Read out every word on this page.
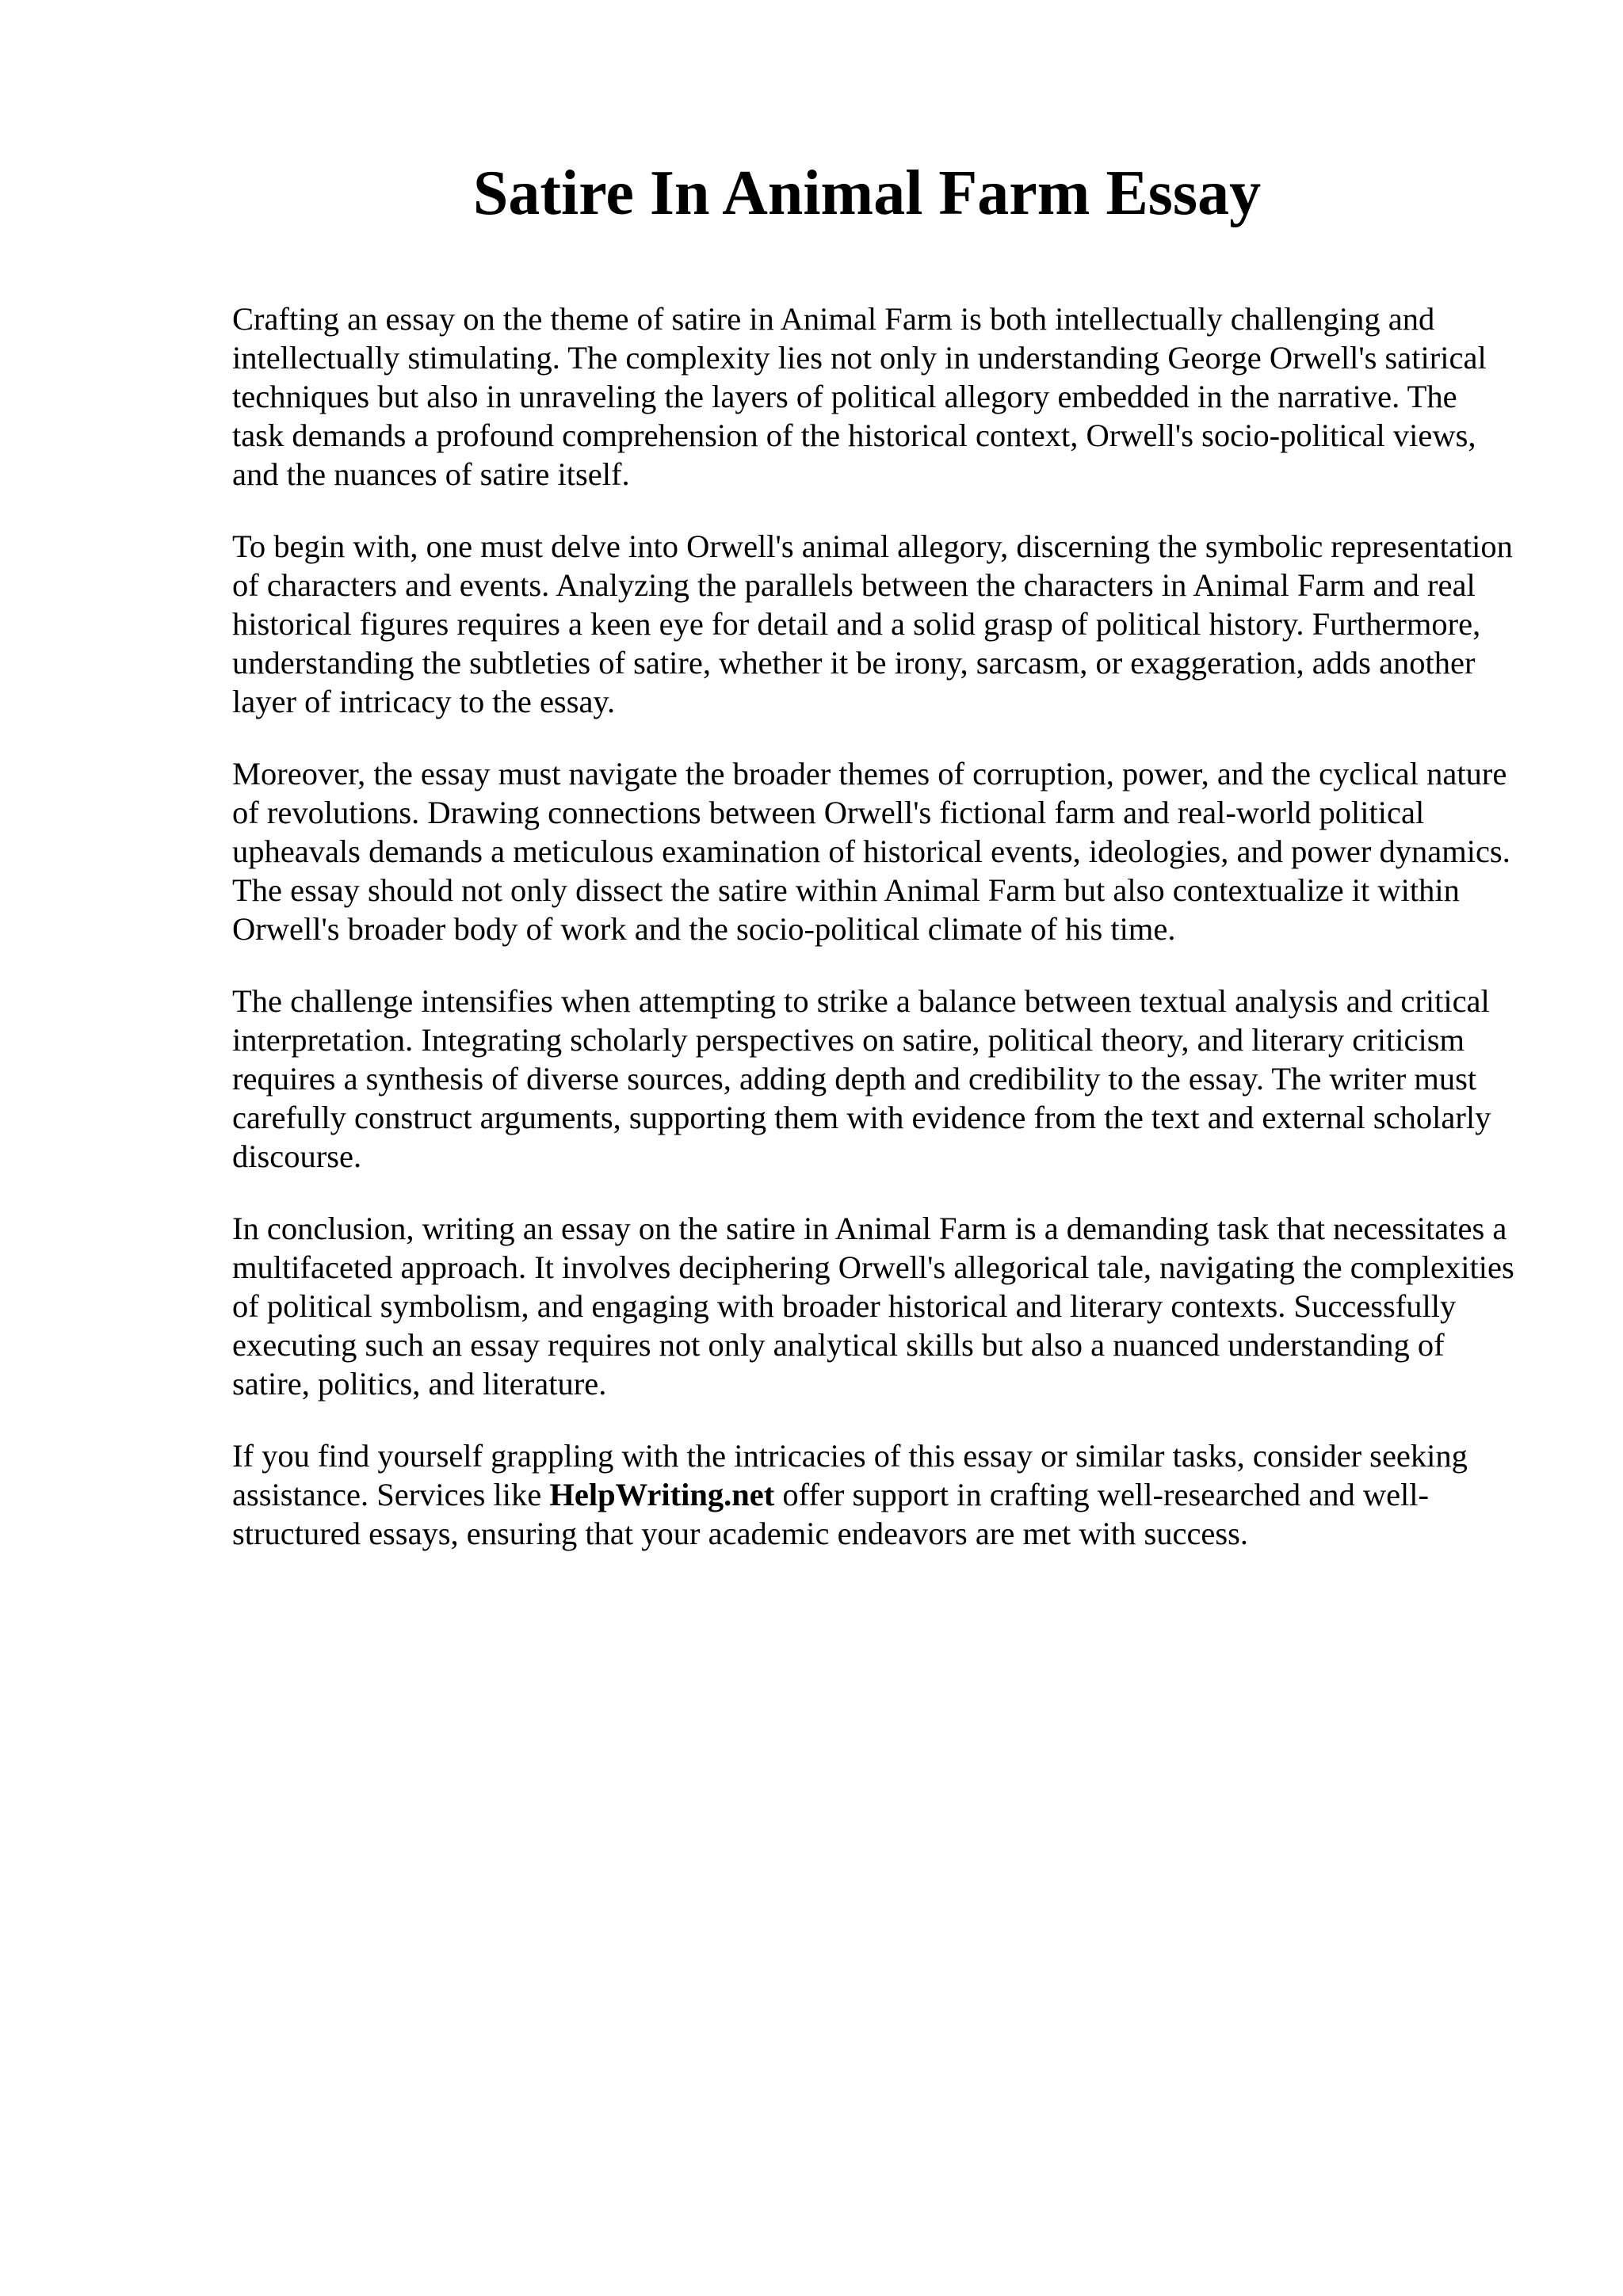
Satire In Animal Farm Essay

Crafting an essay on the theme of satire in Animal Farm is both intellectually challenging and intellectually stimulating. The complexity lies not only in understanding George Orwell's satirical techniques but also in unraveling the layers of political allegory embedded in the narrative. The task demands a profound comprehension of the historical context, Orwell's socio-political views, and the nuances of satire itself.

To begin with, one must delve into Orwell's animal allegory, discerning the symbolic representation of characters and events. Analyzing the parallels between the characters in Animal Farm and real historical figures requires a keen eye for detail and a solid grasp of political history. Furthermore, understanding the subtleties of satire, whether it be irony, sarcasm, or exaggeration, adds another layer of intricacy to the essay.

Moreover, the essay must navigate the broader themes of corruption, power, and the cyclical nature of revolutions. Drawing connections between Orwell's fictional farm and real-world political upheavals demands a meticulous examination of historical events, ideologies, and power dynamics. The essay should not only dissect the satire within Animal Farm but also contextualize it within Orwell's broader body of work and the socio-political climate of his time.

The challenge intensifies when attempting to strike a balance between textual analysis and critical interpretation. Integrating scholarly perspectives on satire, political theory, and literary criticism requires a synthesis of diverse sources, adding depth and credibility to the essay. The writer must carefully construct arguments, supporting them with evidence from the text and external scholarly discourse.

In conclusion, writing an essay on the satire in Animal Farm is a demanding task that necessitates a multifaceted approach. It involves deciphering Orwell's allegorical tale, navigating the complexities of political symbolism, and engaging with broader historical and literary contexts. Successfully executing such an essay requires not only analytical skills but also a nuanced understanding of satire, politics, and literature.

If you find yourself grappling with the intricacies of this essay or similar tasks, consider seeking assistance. Services like HelpWriting.net offer support in crafting well-researched and well-structured essays, ensuring that your academic endeavors are met with success.
